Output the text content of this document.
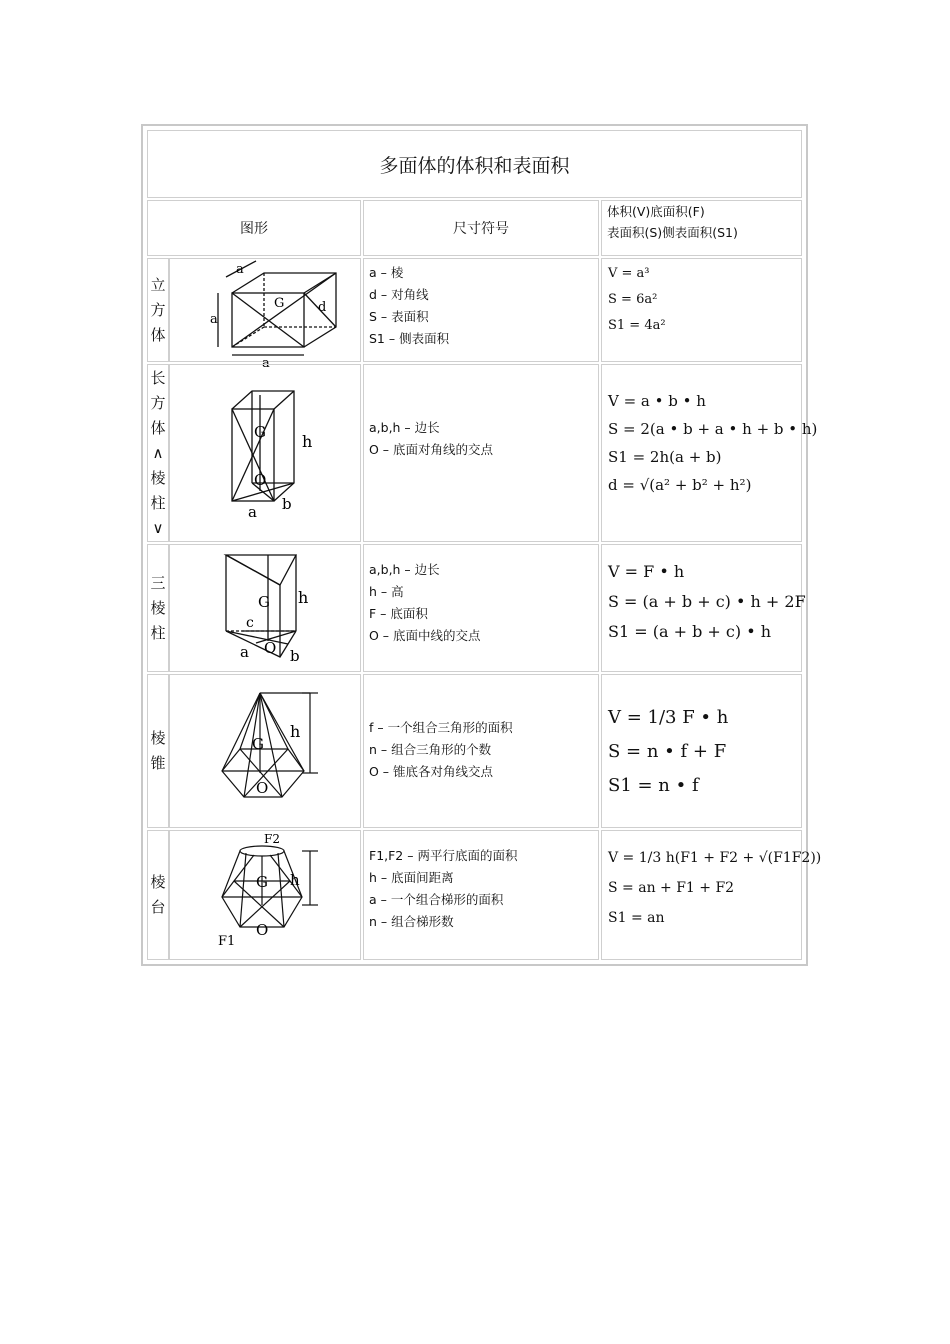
多面体的体积和表面积
图形	尺寸符号
体积(V)底面积(F)
表面积(S)侧表面积(S1)
立
方
体
a
a
a
G	d
a – 棱
d – 对角线
S – 表面积
S1 – 侧表面积
V = a³
S = 6a²
S1 = 4a²
长
方
体
∧
棱
柱
∨
G h
O
a b
a,b,h – 边长
O – 底面对角线的交点
V = a • b • h
S = 2(a • b + a • h + b • h)
S1 = 2h(a + b)
d = √(a² + b² + h²)
三
棱
柱
G h
c
a O b
a,b,h – 边长
h – 高
F – 底面积
O – 底面中线的交点
V = F • h
S = (a + b + c) • h + 2F
S1 = (a + b + c) • h
棱
锥
G
h
O
f – 一个组合三角形的面积
n – 组合三角形的个数
O – 锥底各对角线交点
V = 1/3 F • h
S = n • f + F
S1 = n • f
棱
台
F2
G h
F1
O
F1,F2 – 两平行底面的面积
h – 底面间距离
a – 一个组合梯形的面积
n – 组合梯形数
V = 1/3 h(F1 + F2 + √(F1F2))
S = an + F1 + F2
S1 = an
